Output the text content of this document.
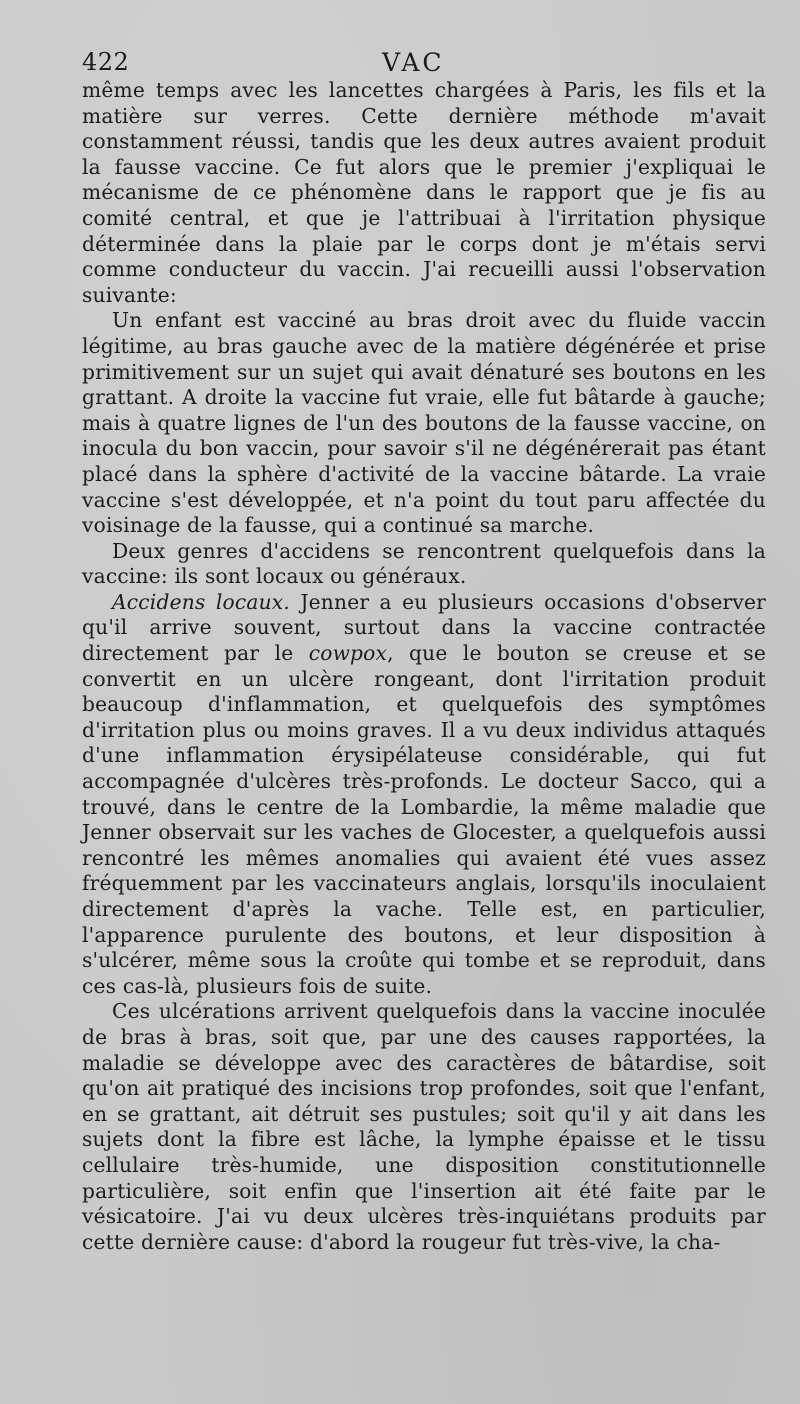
422	VAC

même temps avec les lancettes chargées à Paris, les fils et la matière sur verres. Cette dernière méthode m'avait constamment réussi, tandis que les deux autres avaient produit la fausse vaccine. Ce fut alors que le premier j'expliquai le mécanisme de ce phénomène dans le rapport que je fis au comité central, et que je l'attribuai à l'irritation physique déterminée dans la plaie par le corps dont je m'étais servi comme conducteur du vaccin. J'ai recueilli aussi l'observation suivante:

Un enfant est vacciné au bras droit avec du fluide vaccin légitime, au bras gauche avec de la matière dégénérée et prise primitivement sur un sujet qui avait dénaturé ses boutons en les grattant. A droite la vaccine fut vraie, elle fut bâtarde à gauche; mais à quatre lignes de l'un des boutons de la fausse vaccine, on inocula du bon vaccin, pour savoir s'il ne dégénérerait pas étant placé dans la sphère d'activité de la vaccine bâtarde. La vraie vaccine s'est développée, et n'a point du tout paru affectée du voisinage de la fausse, qui a continué sa marche.

Deux genres d'accidens se rencontrent quelquefois dans la vaccine: ils sont locaux ou généraux.

Accidens locaux. Jenner a eu plusieurs occasions d'observer qu'il arrive souvent, surtout dans la vaccine contractée directement par le cowpox, que le bouton se creuse et se convertit en un ulcère rongeant, dont l'irritation produit beaucoup d'inflammation, et quelquefois des symptômes d'irritation plus ou moins graves. Il a vu deux individus attaqués d'une inflammation érysipélateuse considérable, qui fut accompagnée d'ulcères très-profonds. Le docteur Sacco, qui a trouvé, dans le centre de la Lombardie, la même maladie que Jenner observait sur les vaches de Glocester, a quelquefois aussi rencontré les mêmes anomalies qui avaient été vues assez fréquemment par les vaccinateurs anglais, lorsqu'ils inoculaient directement d'après la vache. Telle est, en particulier, l'apparence purulente des boutons, et leur disposition à s'ulcérer, même sous la croûte qui tombe et se reproduit, dans ces cas-là, plusieurs fois de suite.

Ces ulcérations arrivent quelquefois dans la vaccine inoculée de bras à bras, soit que, par une des causes rapportées, la maladie se développe avec des caractères de bâtardise, soit qu'on ait pratiqué des incisions trop profondes, soit que l'enfant, en se grattant, ait détruit ses pustules; soit qu'il y ait dans les sujets dont la fibre est lâche, la lymphe épaisse et le tissu cellulaire très-humide, une disposition constitutionnelle particulière, soit enfin que l'insertion ait été faite par le vésicatoire. J'ai vu deux ulcères très-inquiétans produits par cette dernière cause: d'abord la rougeur fut très-vive, la cha-
